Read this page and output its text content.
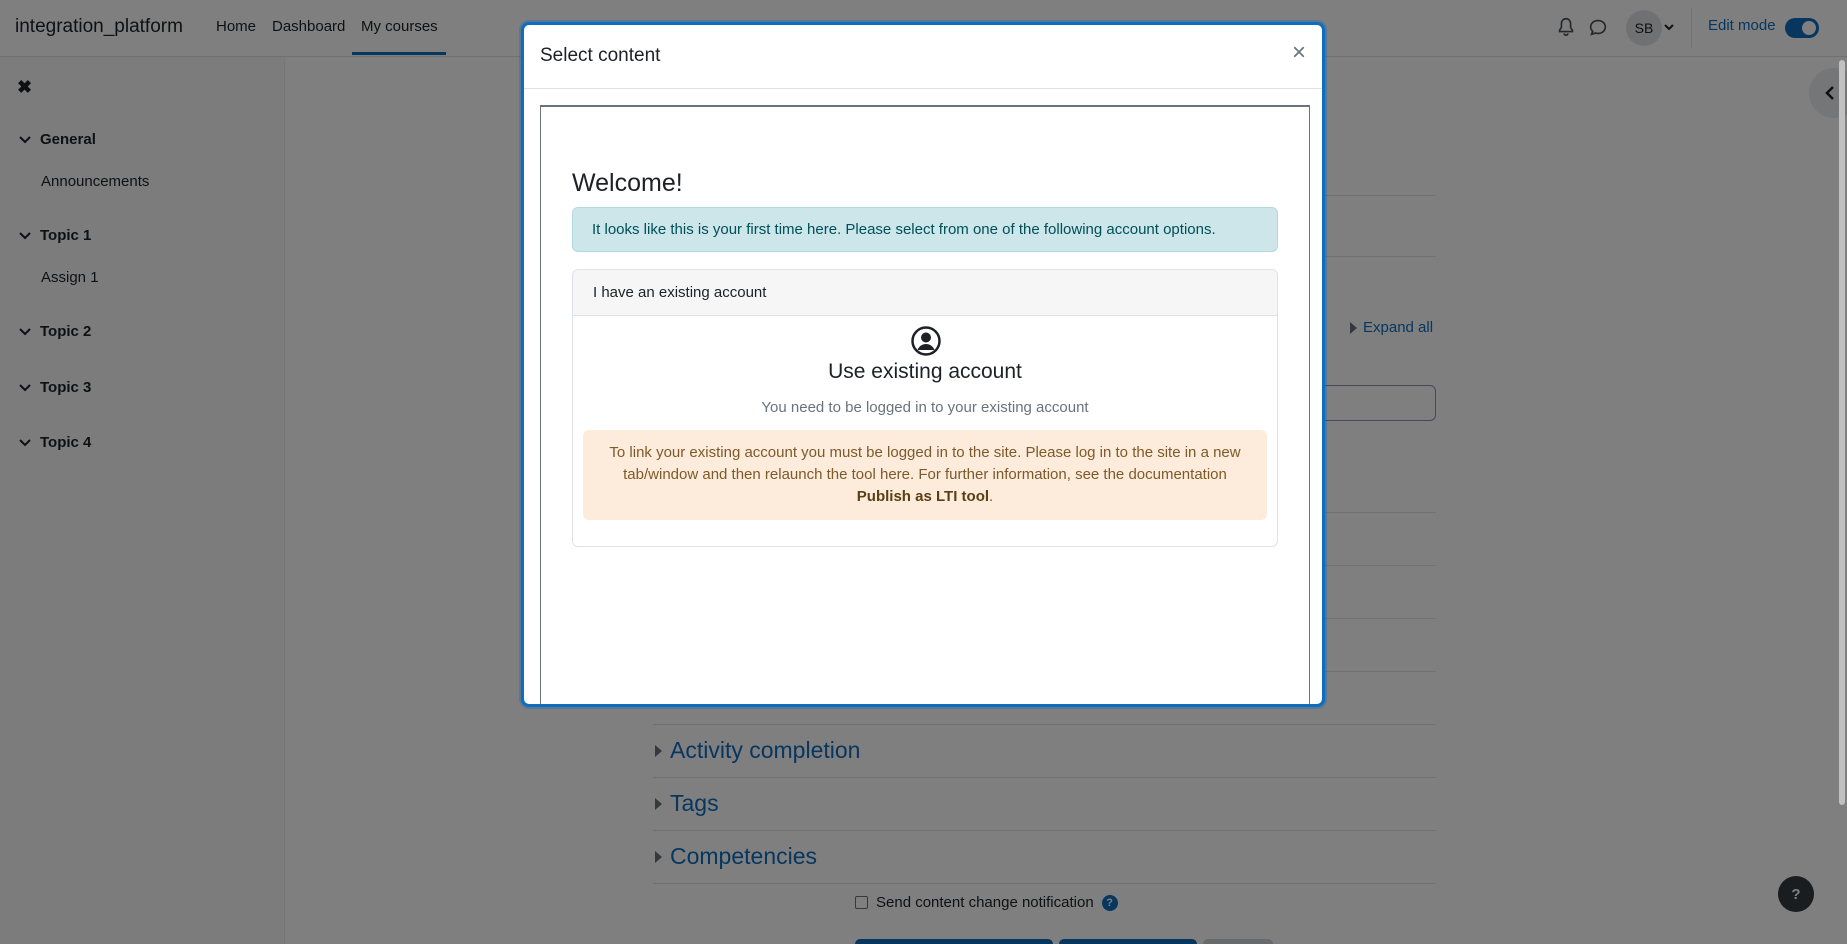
Select content	×
Welcome!
It looks like this is your first time here. Please select from one of the following account options.
I have an existing account
Use existing account
You need to be logged in to your existing account
To link your existing account you must be logged in to the site. Please log in to the site in a new tab/window and then relaunch the tool here. For further information, see the documentation
Publish as LTI tool.
